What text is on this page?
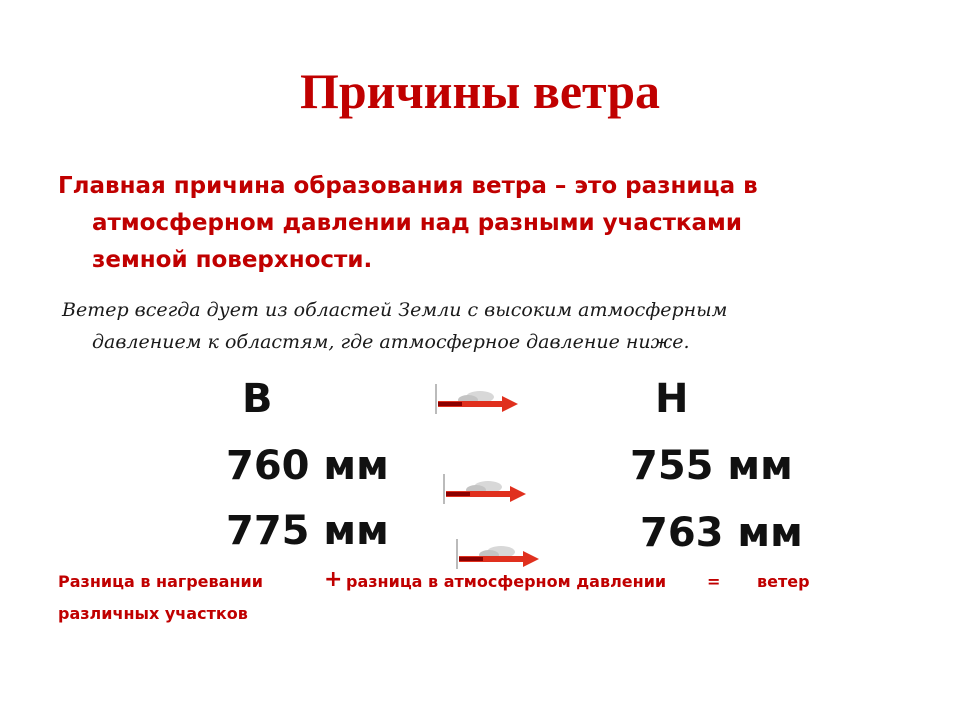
Причины ветра
Главная причина образования ветра – это разница в
атмосферном давлении над разными участками
земной поверхности.
Ветер всегда дует из областей Земли с высоким атмосферным
давлением к областям, где атмосферное давление ниже.
В	Н
760 мм	755 мм
775 мм	763 мм
Разница в нагревании
различных участков
+ разница в атмосферном давлении	= ветер
